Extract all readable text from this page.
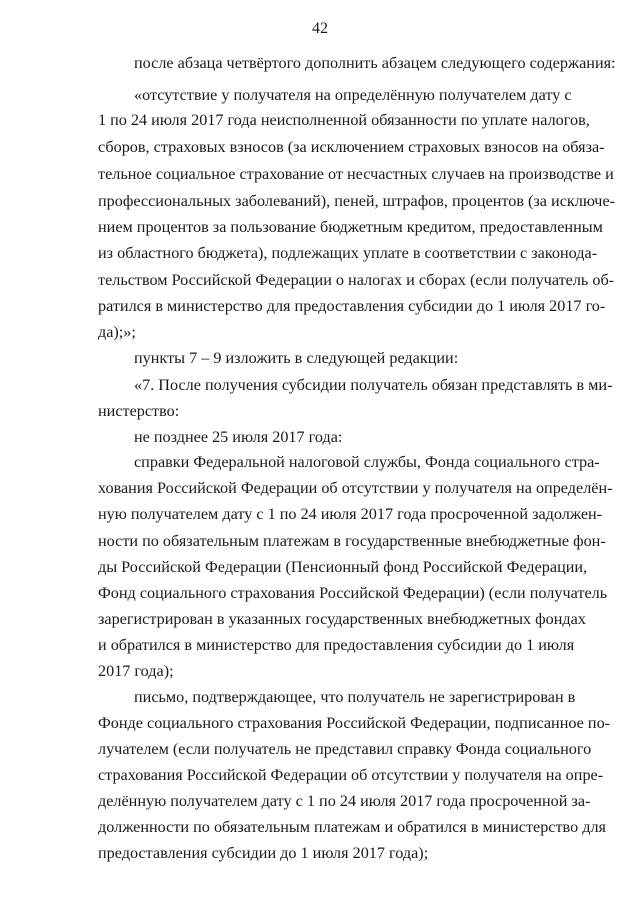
42
после абзаца четвёртого дополнить абзацем следующего содержания:
«отсутствие у получателя на определённую получателем дату с
1 по 24 июля 2017 года неисполненной обязанности по уплате налогов,
сборов, страховых взносов (за исключением страховых взносов на обяза-
тельное социальное страхование от несчастных случаев на производстве и
профессиональных заболеваний), пеней, штрафов, процентов (за исключе-
нием процентов за пользование бюджетным кредитом, предоставленным
из областного бюджета), подлежащих уплате в соответствии с законода-
тельством Российской Федерации о налогах и сборах (если получатель об-
ратился в министерство для предоставления субсидии до 1 июля 2017 го-
да);»;
пункты 7 – 9 изложить в следующей редакции:
«7. После получения субсидии получатель обязан представлять в ми-
нистерство:
не позднее 25 июля 2017 года:
справки Федеральной налоговой службы, Фонда социального стра-
хования Российской Федерации об отсутствии у получателя на определён-
ную получателем дату с 1 по 24 июля 2017 года просроченной задолжен-
ности по обязательным платежам в государственные внебюджетные фон-
ды Российской Федерации (Пенсионный фонд Российской Федерации,
Фонд социального страхования Российской Федерации) (если получатель
зарегистрирован в указанных государственных внебюджетных фондах
и обратился в министерство для предоставления субсидии до 1 июля
2017 года);
письмо, подтверждающее, что получатель не зарегистрирован в
Фонде социального страхования Российской Федерации, подписанное по-
лучателем (если получатель не представил справку Фонда социального
страхования Российской Федерации об отсутствии у получателя на опре-
делённую получателем дату с 1 по 24 июля 2017 года просроченной за-
долженности по обязательным платежам и обратился в министерство для
предоставления субсидии до 1 июля 2017 года);
